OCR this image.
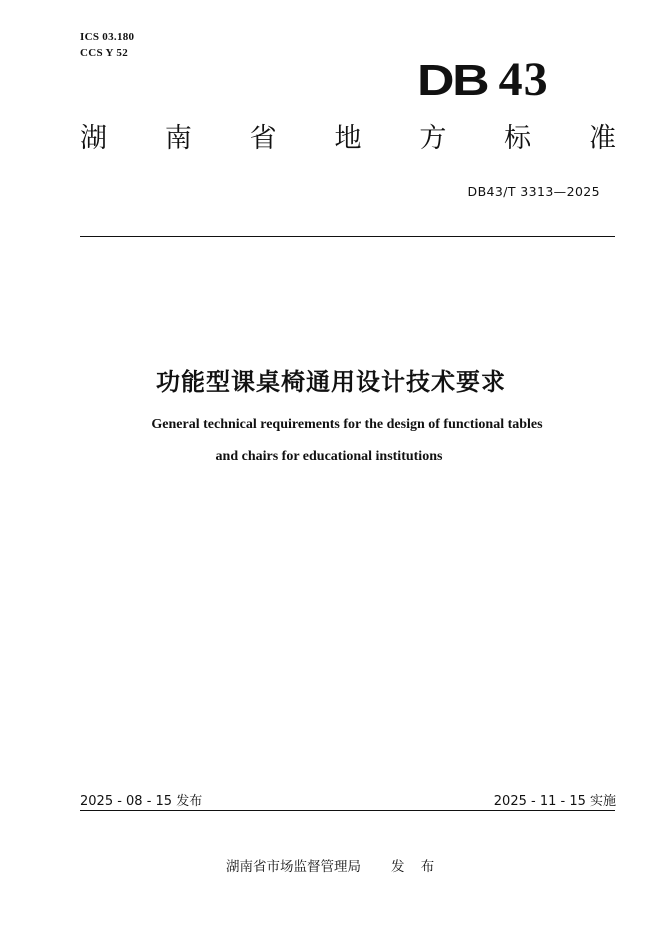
ICS 03.180
CCS Y 52
DB 43
湖 南 省 地 方 标 准
DB43/T 3313—2025
功能型课桌椅通用设计技术要求
General technical requirements for the design of functional tables
and chairs for educational institutions
2025 - 08 - 15 发布	2025 - 11 - 15 实施
湖南省市场监督管理局 发 布
